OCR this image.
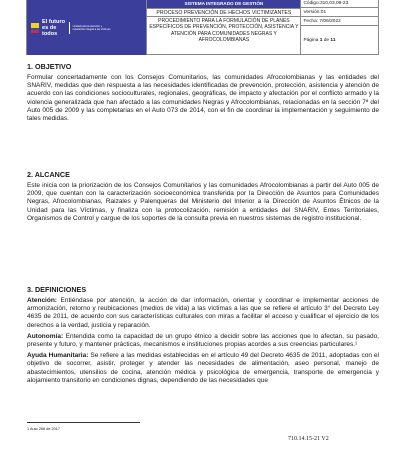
El futuro es de todos
Unidad para la atención y reparación integral a las víctimas
SISTEMA INTEGRADO DE GESTIÓN
PROCESO PREVENCIÓN DE HECHOS VICTIMIZANTES
PROCEDIMIENTO PARA LA FORMULACIÓN DE PLANES ESPECÍFICOS DE PREVENCIÓN, PROTECCIÓN, ASISTENCIA Y ATENCIÓN PARA COMUNIDADES NEGRAS Y AFROCOLOMBIANAS
Código:310,03,08-23
Versión:01
Fecha: 7/06/2022
Página
1
de
11
1. OBJETIVO

Formular concertadamente con los Consejos Comunitarios, las comunidades Afrocolombianas y las entidades del SNARIV, medidas que den respuesta a las necesidades identificadas de prevención, protección, asistencia y atención de acuerdo con las condiciones socioculturales, regionales, geográficas, de impacto y afectación por el conflicto armado y la violencia generalizada que han afectado a las comunidades Negras y Afrocolombianas, relacionadas en la sección 7ª del Auto 005 de 2009 y las completarias en el Auto 073 de 2014, con el fin de coordinar la implementación y seguimiento de tales medidas.

2. ALCANCE

Este inicia con la priorización de los Consejos Comunitarios y las comunidades Afrocolombianas a partir del Auto 005 de 2009, que cuentan con la caracterización socioeconómica transferida por la Dirección de Asuntos para Comunidades Negras, Afrocolombianas, Raizales y Palenqueras del Ministerio del Interior a la Dirección de Asuntos Étnicos de la Unidad para las Víctimas, y finaliza con la protocolización, remisión a entidades del SNARIV, Entes Territoriales, Organismos de Control y cargue de los soportes de la consulta previa en nuestros sistemas de registro institucional.

3. DEFINICIONES

Atención: Entiéndase por atención, la acción de dar información, orientar y coordinar e implementar acciones de armonización, retorno y reubicaciones (medios de vida) a las víctimas a las que se refiere el artículo 3° del Decreto Ley 4635 de 2011, de acuerdo con sus características culturales con miras a facilitar el acceso y cualificar el ejercicio de los derechos a la verdad, justicia y reparación.

Autonomía: Entendida como la capacidad de un grupo étnico a decidir sobre las acciones que lo afectan, su pasado, presente y futuro, y mantener prácticas, mecanismos e instituciones propias acordes a sus creencias particulares.¹

Ayuda Humanitaria: Se refiere a las medidas establecidas en el artículo 49 del Decreto 4635 de 2011, adoptadas con el objetivo de socorrer, asistir, proteger y atender las necesidades de alimentación, aseo personal, manejo de abastecimientos, utensilios de cocina, atención médica y psicológica de emergencia, transporte de emergencia y alojamiento transitorio en condiciones dignas, dependiendo de las necesidades que

1 Auto 266 de 2017
710.14.15-21 V2
